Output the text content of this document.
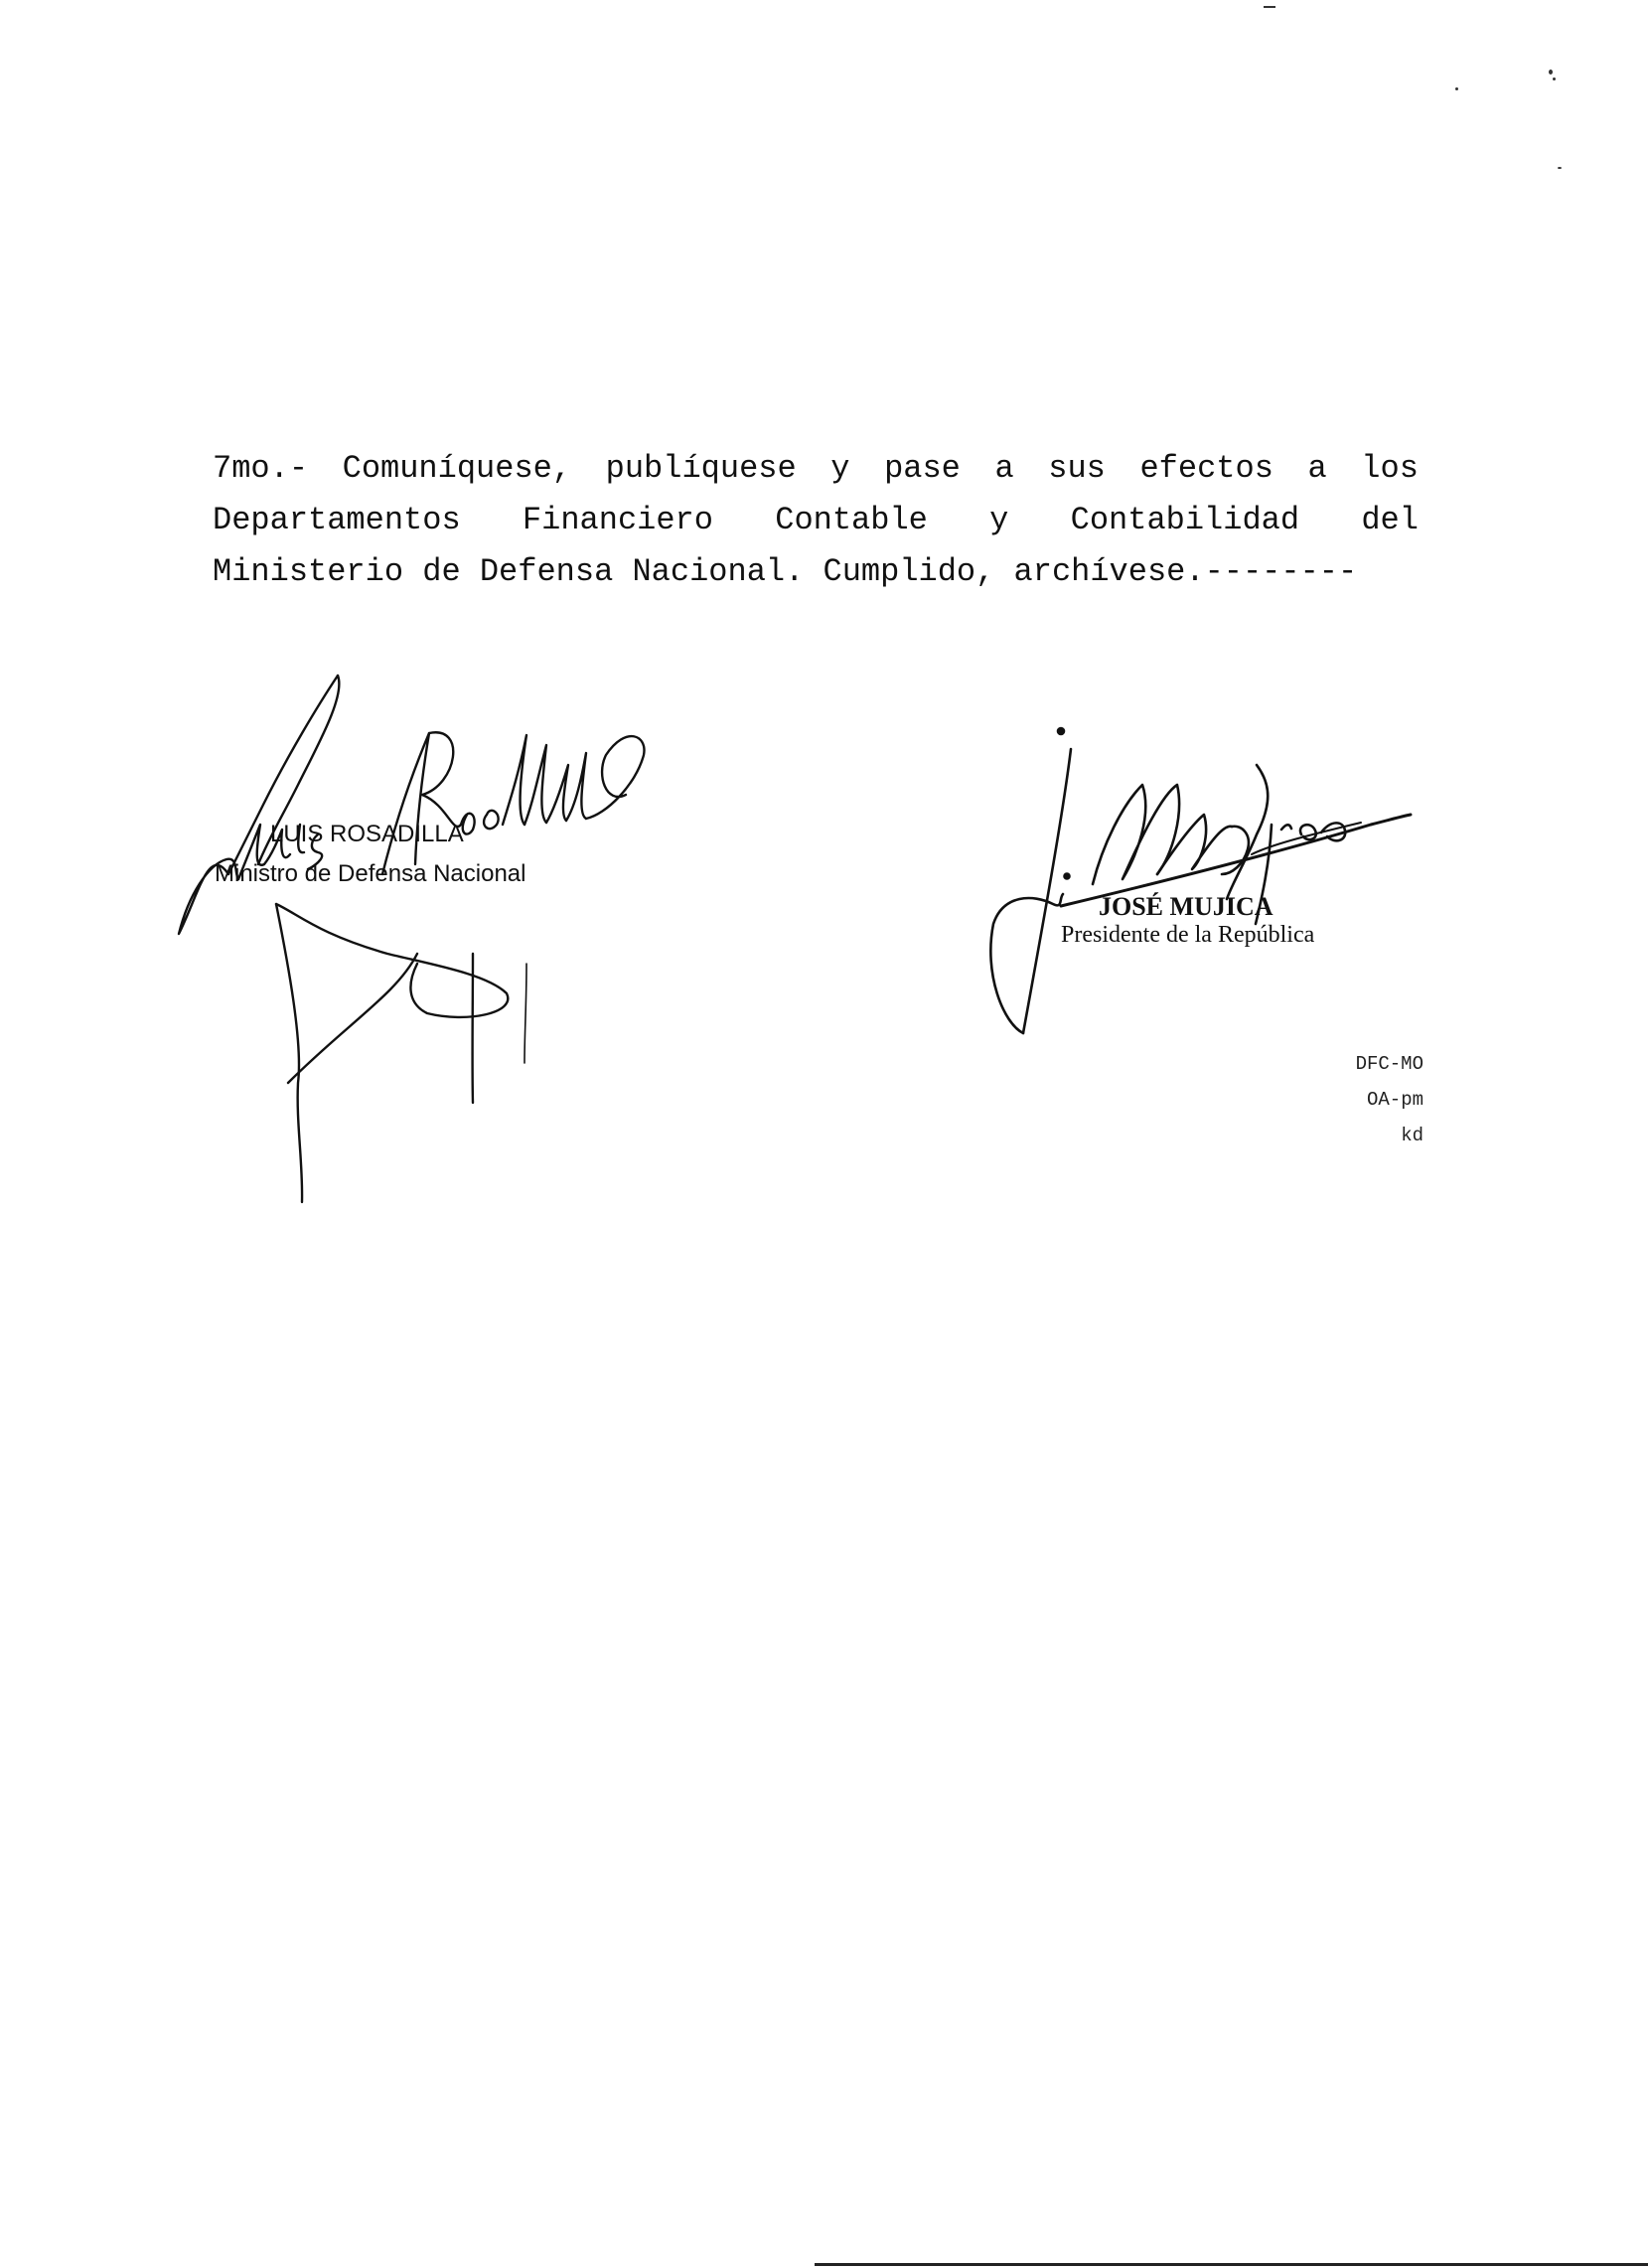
7mo.- Comuníquese, publíquese y pase a sus efectos a los
Departamentos Financiero Contable y Contabilidad del
Ministerio de Defensa Nacional. Cumplido, archívese.--------
LUIS ROSADILLA
Ministro de Defensa Nacional
JOSÉ MUJICA
Presidente de la República
DFC-MO
OA-pm
kd
